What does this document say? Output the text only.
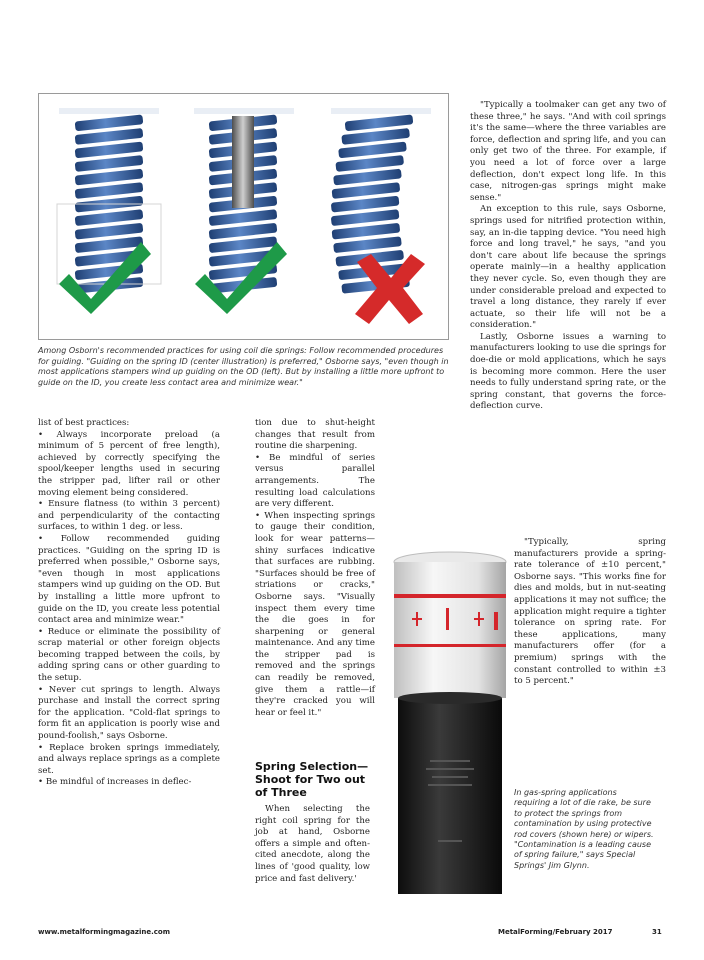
Among Osborn's recommended practices for using coil die springs: Follow recommended procedures for guiding. "Guiding on the spring ID (center illustration) is preferred," Osborne says, "even though in most applications stampers wind up guiding on the OD (left). But by installing a little more upfront to guide on the ID, you create less contact area and minimize wear."

list of best practices:

• Always incorporate preload (a minimum of 5 percent of free length), achieved by correctly specifying the spool/keeper lengths used in securing the stripper pad, lifter rail or other moving element being considered.

• Ensure flatness (to within 3 percent) and perpendicularity of the contacting surfaces, to within 1 deg. or less.

• Follow recommended guiding practices. "Guiding on the spring ID is preferred when possible," Osborne says, "even though in most applications stampers wind up guiding on the OD. But by installing a little more upfront to guide on the ID, you create less potential contact area and minimize wear."

• Reduce or eliminate the possibility of scrap material or other foreign objects becoming trapped between the coils, by adding spring cans or other guarding to the setup.

• Never cut springs to length. Always purchase and install the correct spring for the application. "Cold-flat springs to form fit an application is poorly wise and pound-foolish," says Osborne.

• Replace broken springs immediately, and always replace springs as a complete set.

• Be mindful of increases in deflec-

tion due to shut-height changes that result from routine die sharpening.

• Be mindful of series versus parallel arrangements. The resulting load calculations are very different.

• When inspecting springs to gauge their condition, look for wear patterns—shiny surfaces indicative that surfaces are rubbing. "Surfaces should be free of striations or cracks," Osborne says. "Visually inspect them every time the die goes in for sharpening or general maintenance. And any time the stripper pad is removed and the springs can readily be removed, give them a rattle—if they're cracked you will hear or feel it."

Spring Selection—Shoot for Two out of Three

When selecting the right coil spring for the job at hand, Osborne offers a simple and often-cited anecdote, along the lines of 'good quality, low price and fast delivery.'

"Typically a toolmaker can get any two of these three," he says. "And with coil springs it's the same—where the three variables are force, deflection and spring life, and you can only get two of the three. For example, if you need a lot of force over a large deflection, don't expect long life. In this case, nitrogen-gas springs might make sense."

An exception to this rule, says Osborne, springs used for nitrified protection within, say, an in-die tapping device. "You need high force and long travel," he says, "and you don't care about life because the springs operate mainly—in a healthy application they never cycle. So, even though they are under considerable preload and expected to travel a long distance, they rarely if ever actuate, so their life will not be a consideration."

Lastly, Osborne issues a warning to manufacturers looking to use die springs for doe-die or mold applications, which he says is becoming more common. Here the user needs to fully understand spring rate, or the spring constant, that governs the force-deflection curve.

"Typically, spring manufacturers provide a spring-rate tolerance of ±10 percent," Osborne says. "This works fine for dies and molds, but in nut-seating applications it may not suffice; the application might require a tighter tolerance on spring rate. For these applications, many manufacturers offer (for a premium) springs with the constant controlled to within ±3 to 5 percent."

In gas-spring applications requiring a lot of die rake, be sure to protect the springs from contamination by using protective rod covers (shown here) or wipers. "Contamination is a leading cause of spring failure," says Special Springs' Jim Glynn.
www.metalformingmagazine.com	MetalForming/February 2017	31
